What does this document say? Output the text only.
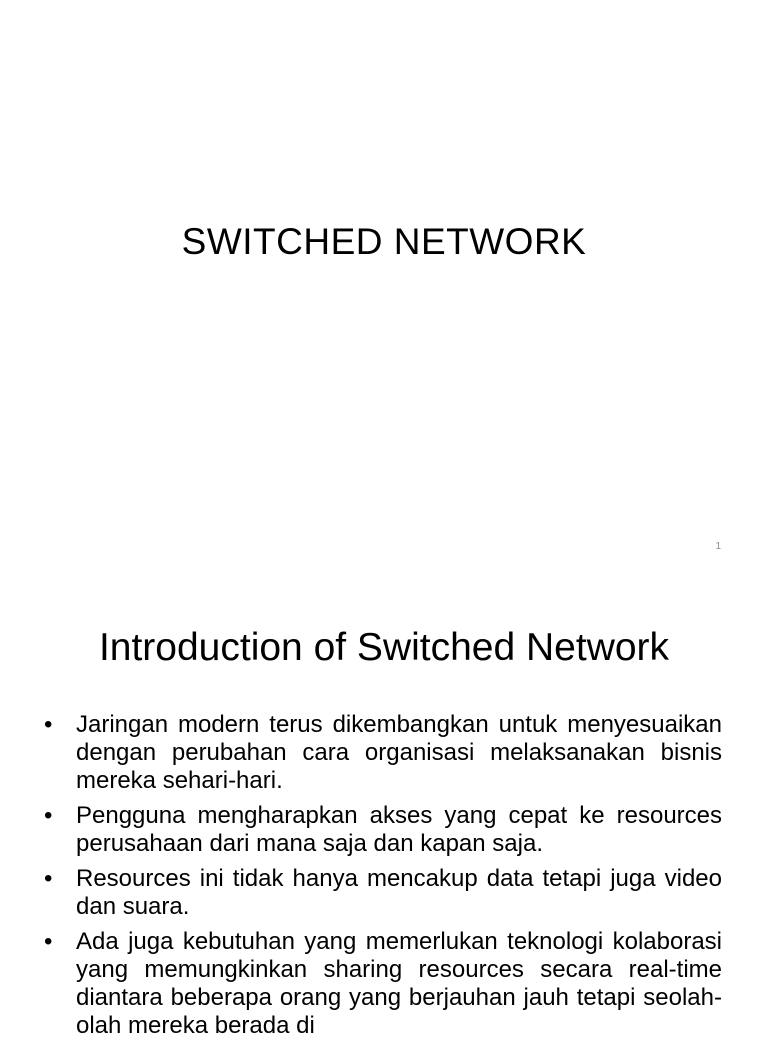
SWITCHED NETWORK
1
Introduction of Switched Network
• Jaringan modern terus dikembangkan untuk menyesuaikan dengan perubahan cara organisasi melaksanakan bisnis mereka sehari-hari.
• Pengguna mengharapkan akses yang cepat ke resources perusahaan dari mana saja dan kapan saja.
• Resources ini tidak hanya mencakup data tetapi juga video dan suara.
• Ada juga kebutuhan yang memerlukan teknologi kolaborasi yang memungkinkan sharing resources secara real-time diantara beberapa orang yang berjauhan jauh tetapi seolah-olah mereka berada di
